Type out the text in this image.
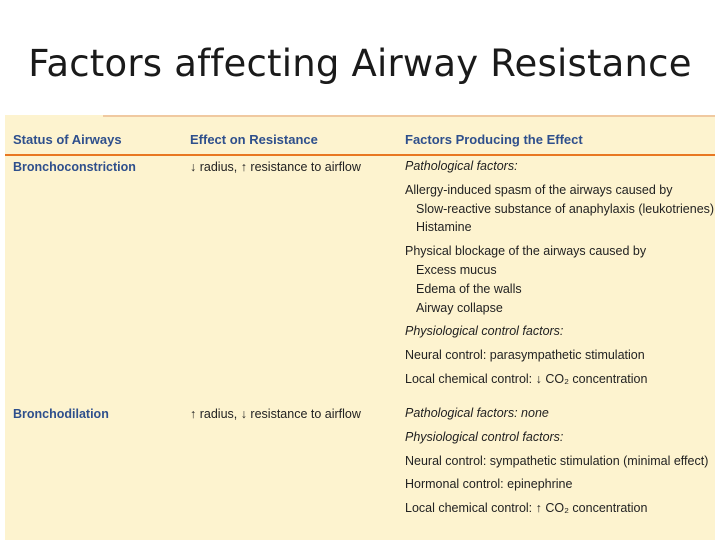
Factors affecting Airway Resistance
Status of Airways	Effect on Resistance	Factors Producing the Effect
Bronchoconstriction	↓ radius, ↑ resistance to airflow	Pathological factors:
Allergy-induced spasm of the airways caused by
Slow-reactive substance of anaphylaxis (leukotrienes)
Histamine
Physical blockage of the airways caused by
Excess mucus
Edema of the walls
Airway collapse
Physiological control factors:
Neural control: parasympathetic stimulation
Local chemical control: ↓ CO₂ concentration
Bronchodilation	↑ radius, ↓ resistance to airflow	Pathological factors: none
Physiological control factors:
Neural control: sympathetic stimulation (minimal effect)
Hormonal control: epinephrine
Local chemical control: ↑ CO₂ concentration
